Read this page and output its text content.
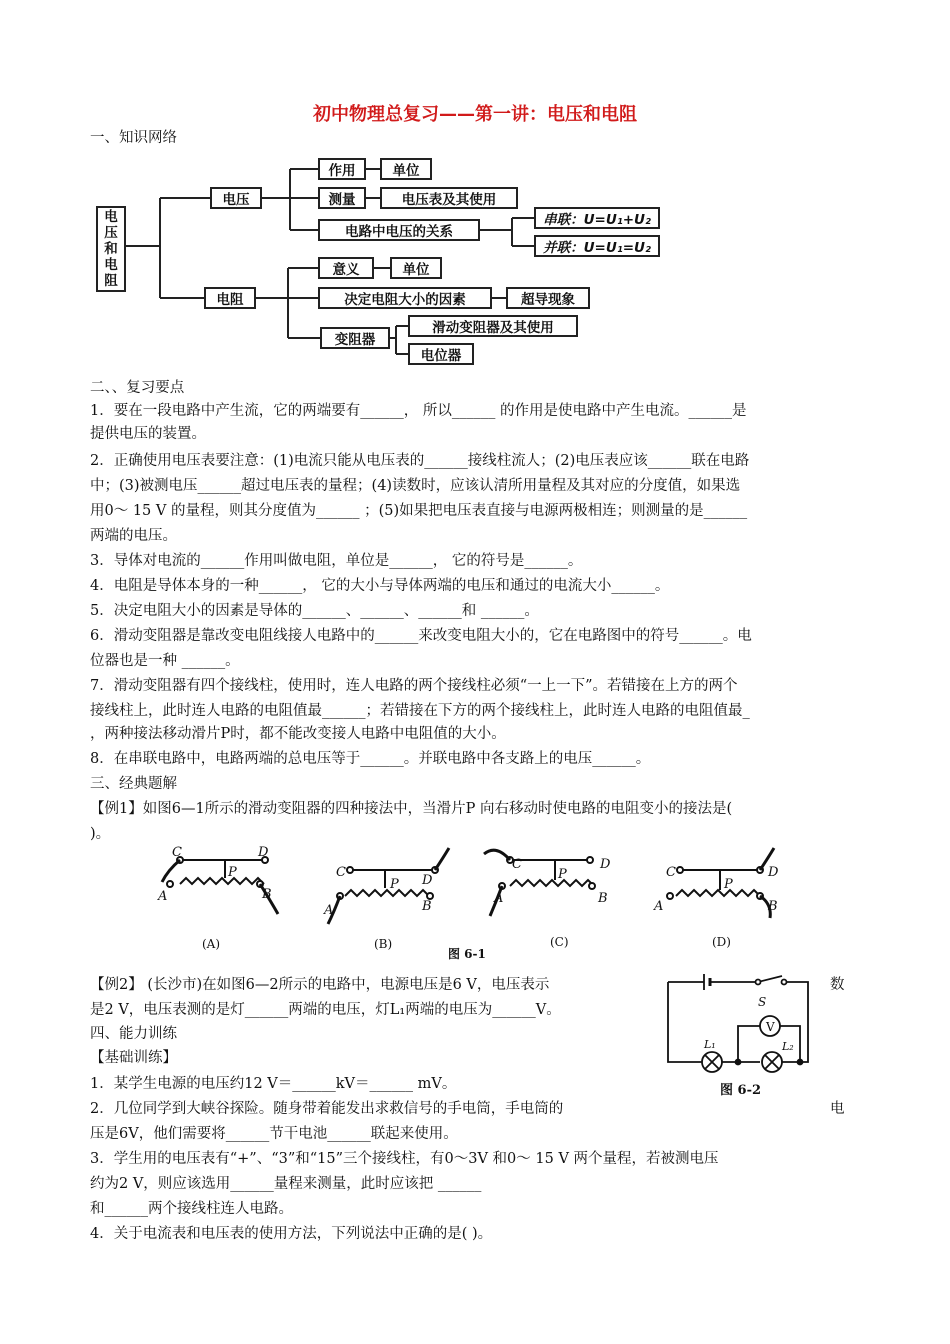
初中物理总复习——第一讲：电压和电阻
一、知识网络
电
压
和
电
阻
电压
电阻
作用	单位
测量	电压表及其使用
电路中电压的关系
串联：U=U₁+U₂
并联：U=U₁=U₂
意义	单位
决定电阻大小的因素	超导现象
变阻器
滑动变阻器及其使用
电位器
二、、复习要点
1．要在一段电路中产生流，它的两端要有______， 所以______ 的作用是使电路中产生电流。______是
提供电压的装置。
2．正确使用电压表要注意：(1)电流只能从电压表的______接线柱流人；(2)电压表应该______联在电路
中；(3)被测电压______超过电压表的量程；(4)读数时，应该认清所用量程及其对应的分度值，如果选
用0～ 15 V 的量程，则其分度值为______ ；(5)如果把电压表直接与电源两极相连；则测量的是______
两端的电压。
3．导体对电流的______作用叫做电阻，单位是______， 它的符号是______。
4．电阻是导体本身的一种______， 它的大小与导体两端的电压和通过的电流大小______。
5．决定电阻大小的因素是导体的______、______、______和 ______。
6．滑动变阻器是靠改变电阻线接人电路中的______来改变电阻大小的，它在电路图中的符号______。电
位器也是一种 ______。
7．滑动变阻器有四个接线柱，使用时，连人电路的两个接线柱必须“一上一下”。若错接在上方的两个
接线柱上，此时连人电路的电阻值最______；若错接在下方的两个接线柱上，此时连人电路的电阻值最_
，两种接法移动滑片P时，都不能改变接人电路中电阻值的大小。
8．在串联电路中，电路两端的总电压等于______。并联电路中各支路上的电压______。
三、经典题解
【例1】如图6—1所示的滑动变阻器的四种接法中，当滑片P 向右移动时使电路的电阻变小的接法是(
)。
C	D
P
A	B
C
D
P
A	B
C	D
P
A	B
C	D
P
A	B
(A)	(B)	(C)	(D)
图 6-1
【例2】 (长沙市)在如图6—2所示的电路中，电源电压是6 V，电压表示	数
是2 V，电压表测的是灯______两端的电压，灯L₁两端的电压为______V。	S
V
L₁	L₂
图 6-2
四、能力训练
【基础训练】
1．某学生电源的电压约12 V＝______kV＝______ mV。
2．几位同学到大峡谷探险。随身带着能发出求救信号的手电筒，手电筒的	电
压是6V，他们需要将______节干电池______联起来使用。
3．学生用的电压表有“+”、“3”和“15”三个接线柱，有0～3V 和0～ 15 V 两个量程，若被测电压
约为2 V，则应该选用______量程来测量，此时应该把 ______
和______两个接线柱连人电路。
4．关于电流表和电压表的使用方法，下列说法中正确的是( )。
